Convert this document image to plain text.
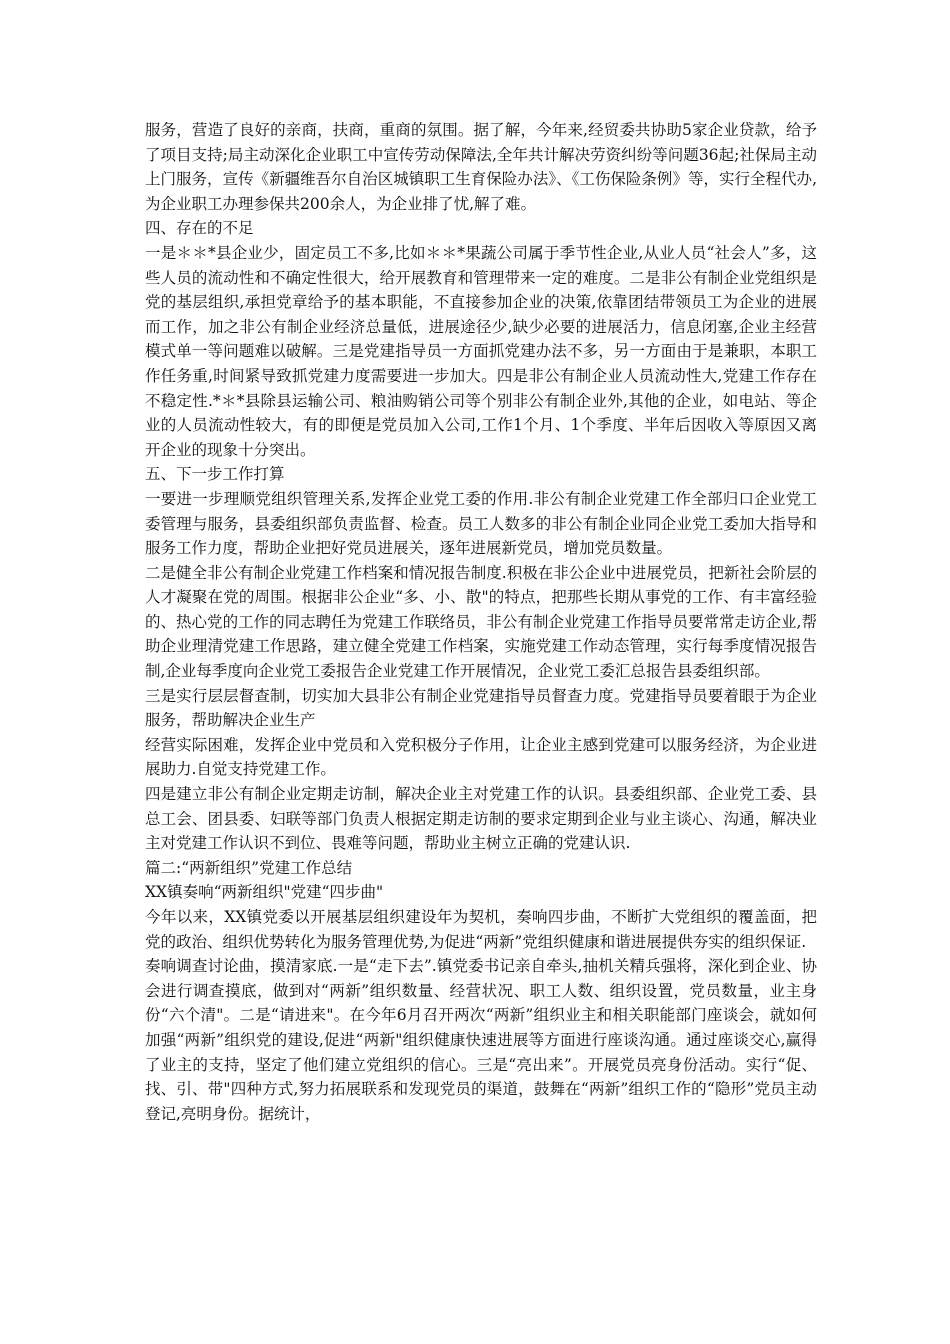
服务，营造了良好的亲商，扶商，重商的氛围。据了解，今年来,经贸委共协助5家企业贷款，给予了项目支持;局主动深化企业职工中宣传劳动保障法,全年共计解决劳资纠纷等问题36起;社保局主动上门服务，宣传《新疆维吾尔自治区城镇职工生育保险办法》、《工伤保险条例》等，实行全程代办,为企业职工办理参保共200余人，为企业排了忧,解了难。

四、存在的不足

一是＊＊*县企业少，固定员工不多,比如＊＊*果蔬公司属于季节性企业,从业人员“社会人”多，这些人员的流动性和不确定性很大，给开展教育和管理带来一定的难度。二是非公有制企业党组织是党的基层组织,承担党章给予的基本职能，不直接参加企业的决策,依靠团结带领员工为企业的进展而工作，加之非公有制企业经济总量低，进展途径少,缺少必要的进展活力，信息闭塞,企业主经营模式单一等问题难以破解。三是党建指导员一方面抓党建办法不多，另一方面由于是兼职，本职工作任务重,时间紧导致抓党建力度需要进一步加大。四是非公有制企业人员流动性大,党建工作存在不稳定性.*＊*县除县运输公司、粮油购销公司等个别非公有制企业外,其他的企业，如电站、等企业的人员流动性较大，有的即便是党员加入公司,工作1个月、1个季度、半年后因收入等原因又离开企业的现象十分突出。

五、下一步工作打算

一要进一步理顺党组织管理关系,发挥企业党工委的作用.非公有制企业党建工作全部归口企业党工委管理与服务，县委组织部负责监督、检查。员工人数多的非公有制企业同企业党工委加大指导和服务工作力度，帮助企业把好党员进展关，逐年进展新党员，增加党员数量。

二是健全非公有制企业党建工作档案和情况报告制度.积极在非公企业中进展党员，把新社会阶层的人才凝聚在党的周围。根据非公企业“多、小、散"的特点，把那些长期从事党的工作、有丰富经验的、热心党的工作的同志聘任为党建工作联络员，非公有制企业党建工作指导员要常常走访企业,帮助企业理清党建工作思路，建立健全党建工作档案，实施党建工作动态管理，实行每季度情况报告制,企业每季度向企业党工委报告企业党建工作开展情况，企业党工委汇总报告县委组织部。

三是实行层层督查制，切实加大县非公有制企业党建指导员督查力度。党建指导员要着眼于为企业服务，帮助解决企业生产

经营实际困难，发挥企业中党员和入党积极分子作用，让企业主感到党建可以服务经济，为企业进展助力.自觉支持党建工作。

四是建立非公有制企业定期走访制，解决企业主对党建工作的认识。县委组织部、企业党工委、县总工会、团县委、妇联等部门负责人根据定期走访制的要求定期到企业与业主谈心、沟通，解决业主对党建工作认识不到位、畏难等问题，帮助业主树立正确的党建认识.

篇二:“两新组织”党建工作总结

XX镇奏响“两新组织"党建“四步曲"

今年以来，XX镇党委以开展基层组织建设年为契机，奏响四步曲，不断扩大党组织的覆盖面，把党的政治、组织优势转化为服务管理优势,为促进“两新”党组织健康和谐进展提供夯实的组织保证.

奏响调查讨论曲，摸清家底.一是“走下去”.镇党委书记亲自牵头,抽机关精兵强将，深化到企业、协会进行调查摸底，做到对“两新”组织数量、经营状况、职工人数、组织设置，党员数量，业主身份“六个清"。二是“请进来"。在今年6月召开两次“两新”组织业主和相关职能部门座谈会，就如何加强“两新”组织党的建设,促进“两新"组织健康快速进展等方面进行座谈沟通。通过座谈交心,赢得了业主的支持，坚定了他们建立党组织的信心。三是“亮出来”。开展党员亮身份活动。实行“促、找、引、带"四种方式,努力拓展联系和发现党员的渠道，鼓舞在“两新”组织工作的“隐形”党员主动登记,亮明身份。据统计，
